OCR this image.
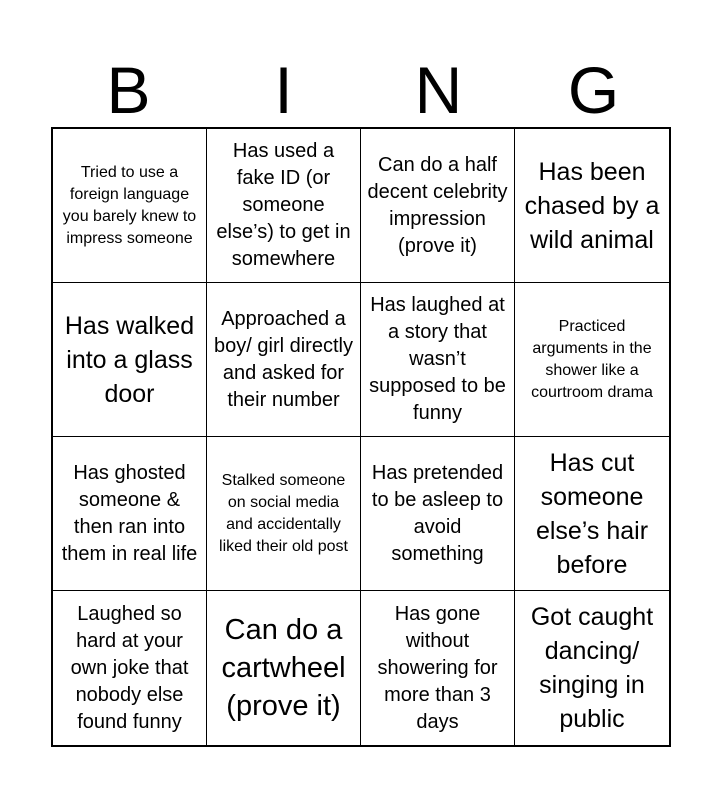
B	I	N	G
Tried to use a foreign language you barely knew to impress someone
Has used a fake ID (or someone else’s) to get in somewhere
Can do a half decent celebrity impression (prove it)
Has been chased by a wild animal
Has walked into a glass door
Approached a boy/ girl directly and asked for their number
Has laughed at a story that wasn’t supposed to be funny
Practiced arguments in the shower like a courtroom drama
Has ghosted someone & then ran into them in real life
Stalked someone on social media and accidentally liked their old post
Has pretended to be asleep to avoid something
Has cut someone else’s hair before
Laughed so hard at your own joke that nobody else found funny
Can do a cartwheel (prove it)
Has gone without showering for more than 3 days
Got caught dancing/ singing in public
